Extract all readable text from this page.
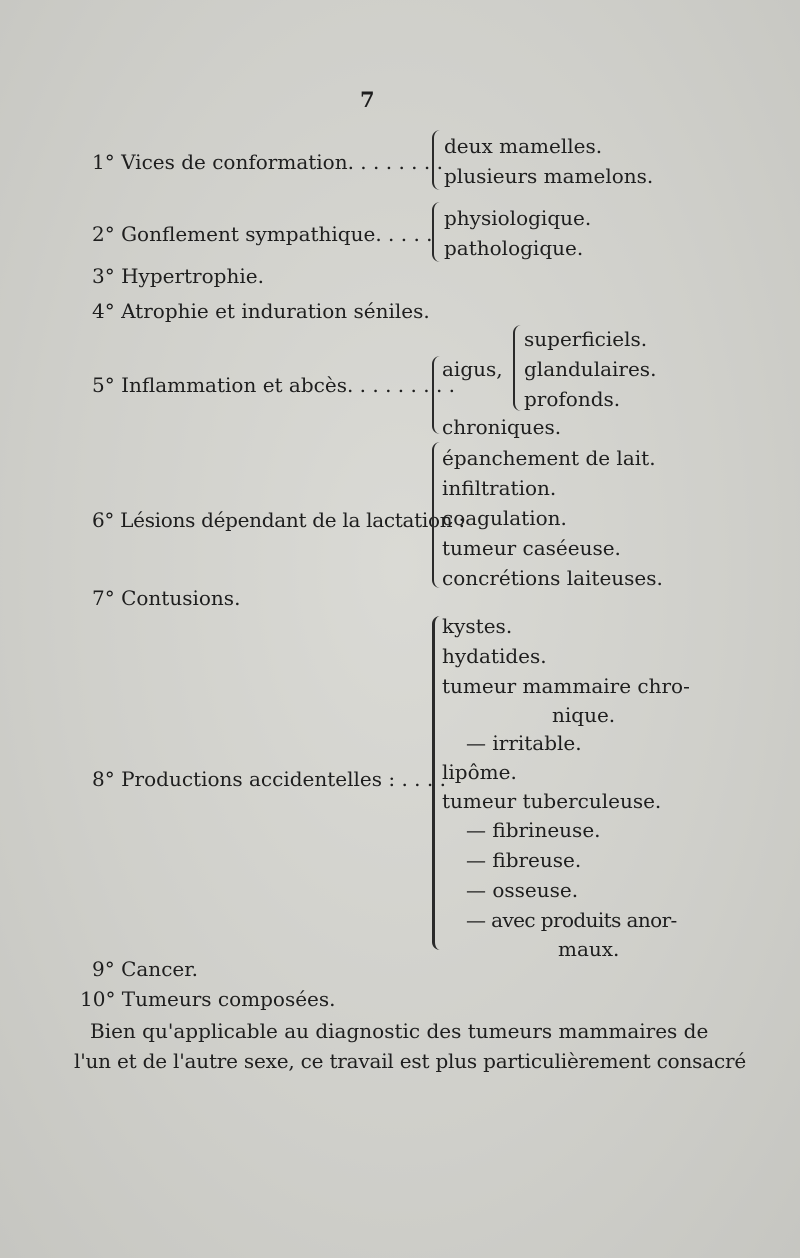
7
1° Vices de conformation. . . . . . . .
deux mamelles.
plusieurs mamelons.
2° Gonflement sympathique. . . . .
physiologique.
pathologique.
3° Hypertrophie.
4° Atrophie et induration séniles.
5° Inflammation et abcès. . . . . . . . .
aigus,
superficiels.
glandulaires.
profonds.
chroniques.
6° Lésions dépendant de la lactation :
épanchement de lait.
infiltration.
coagulation.
tumeur caséeuse.
concrétions laiteuses.
7° Contusions.
8° Productions accidentelles : . . . .
kystes.
hydatides.
tumeur mammaire chro-
nique.
— irritable.
lipôme.
tumeur tuberculeuse.
— fibrineuse.
— fibreuse.
— osseuse.
— avec produits anor-
maux.
9° Cancer.
10° Tumeurs composées.
Bien qu'applicable au diagnostic des tumeurs mammaires de
l'un et de l'autre sexe, ce travail est plus particulièrement consacré
